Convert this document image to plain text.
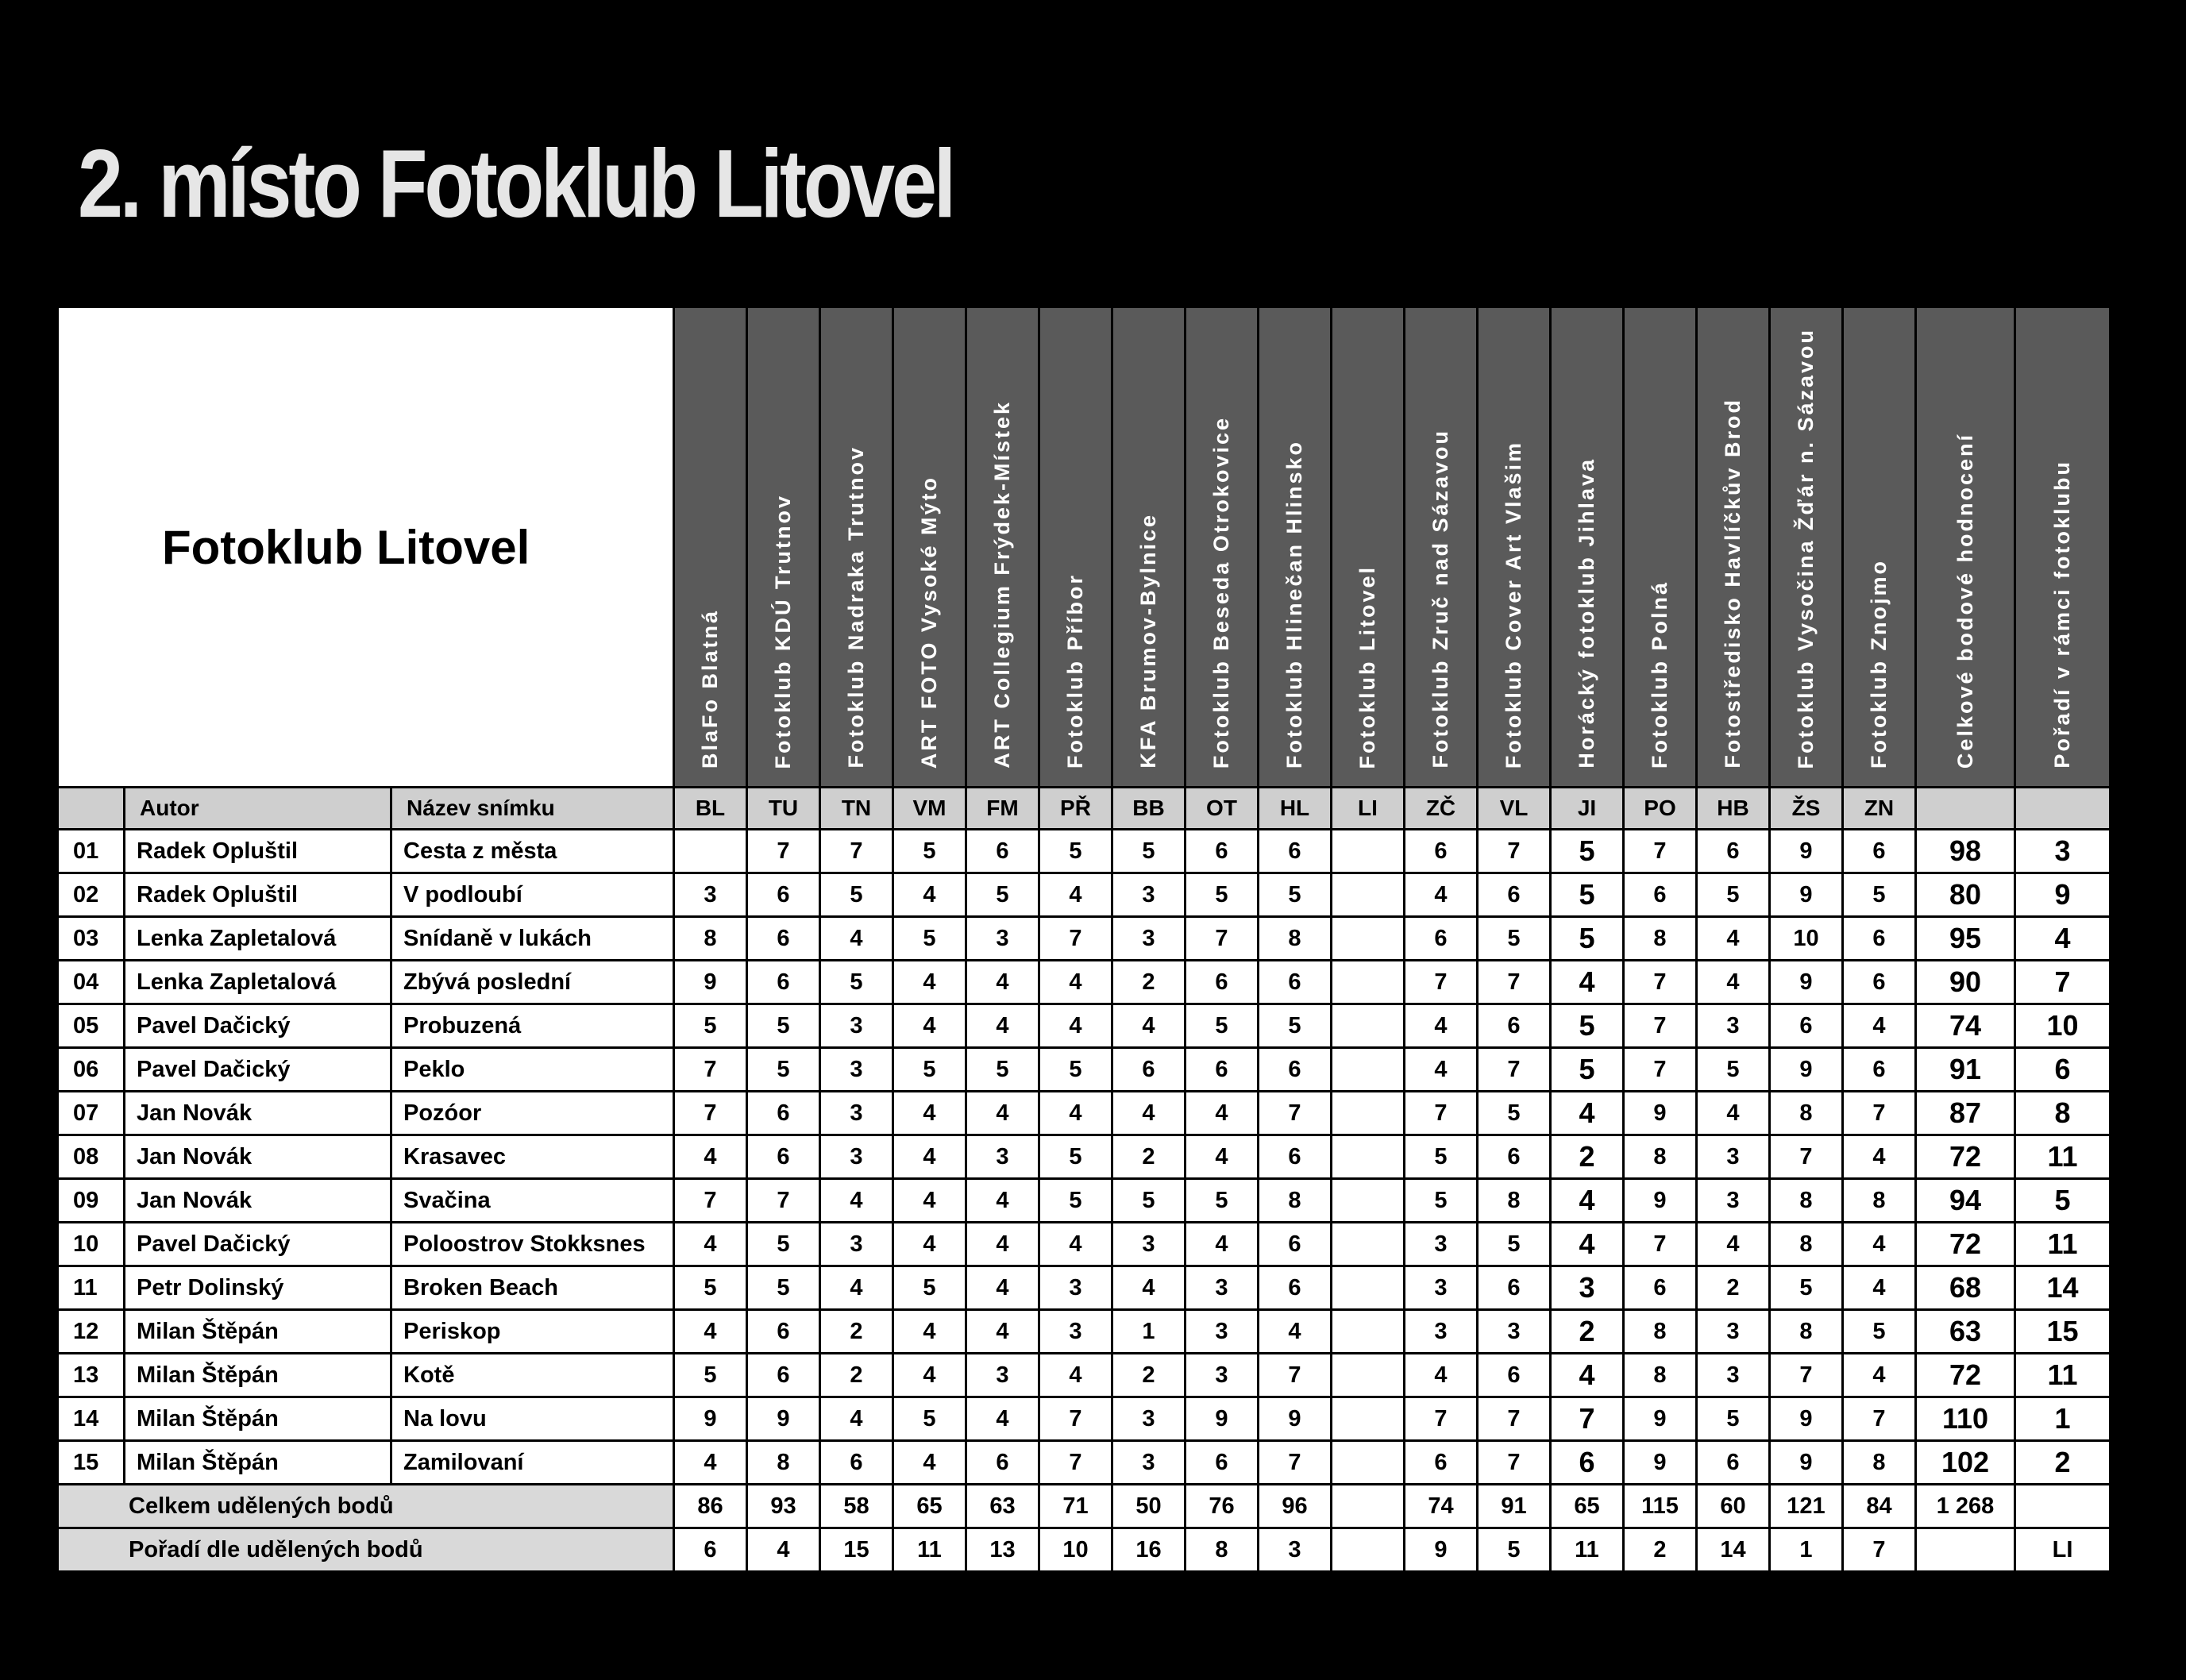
2. místo Fotoklub Litovel
Fotoklub Litovel			BlaFo Blatná	Fotoklub KDÚ Trutnov	Fotoklub Nadraka Trutnov	ART FOTO Vysoké Mýto	ART Collegium Frýdek-Místek	Fotoklub Příbor	KFA Brumov-Bylnice	Fotoklub Beseda Otrokovice	Fotoklub Hlinečan Hlinsko	Fotoklub Litovel	Fotoklub Zruč nad Sázavou	Fotoklub Cover Art Vlašim	Horácký fotoklub Jihlava	Fotoklub Polná	Fotostředisko Havlíčkův Brod	Fotoklub Vysočina Žďár n. Sázavou	Fotoklub Znojmo	Celkové bodové hodnocení	Pořadí v rámci fotoklubu
	Autor	Název snímku	BL	TU	TN	VM	FM	PŘ	BB	OT	HL	LI	ZČ	VL	JI	PO	HB	ŽS	ZN		
01	Radek Opluštil	Cesta z města		7	7	5	6	5	5	6	6		6	7	5	7	6	9	6	98	3
02	Radek Opluštil	V podloubí	3	6	5	4	5	4	3	5	5		4	6	5	6	5	9	5	80	9
03	Lenka Zapletalová	Snídaně v lukách	8	6	4	5	3	7	3	7	8		6	5	5	8	4	10	6	95	4
04	Lenka Zapletalová	Zbývá poslední	9	6	5	4	4	4	2	6	6		7	7	4	7	4	9	6	90	7
05	Pavel Dačický	Probuzená	5	5	3	4	4	4	4	5	5		4	6	5	7	3	6	4	74	10
06	Pavel Dačický	Peklo	7	5	3	5	5	5	6	6	6		4	7	5	7	5	9	6	91	6
07	Jan Novák	Pozóor	7	6	3	4	4	4	4	4	7		7	5	4	9	4	8	7	87	8
08	Jan Novák	Krasavec	4	6	3	4	3	5	2	4	6		5	6	2	8	3	7	4	72	11
09	Jan Novák	Svačina	7	7	4	4	4	5	5	5	8		5	8	4	9	3	8	8	94	5
10	Pavel Dačický	Poloostrov Stokksnes	4	5	3	4	4	4	3	4	6		3	5	4	7	4	8	4	72	11
11	Petr Dolinský	Broken Beach	5	5	4	5	4	3	4	3	6		3	6	3	6	2	5	4	68	14
12	Milan Štěpán	Periskop	4	6	2	4	4	3	1	3	4		3	3	2	8	3	8	5	63	15
13	Milan Štěpán	Kotě	5	6	2	4	3	4	2	3	7		4	6	4	8	3	7	4	72	11
14	Milan Štěpán	Na lovu	9	9	4	5	4	7	3	9	9		7	7	7	9	5	9	7	110	1
15	Milan Štěpán	Zamilovaní	4	8	6	4	6	7	3	6	7		6	7	6	9	6	9	8	102	2
Celkem udělených bodů			86	93	58	65	63	71	50	76	96		74	91	65	115	60	121	84	1 268	
Pořadí dle udělených bodů			6	4	15	11	13	10	16	8	3		9	5	11	2	14	1	7		LI
